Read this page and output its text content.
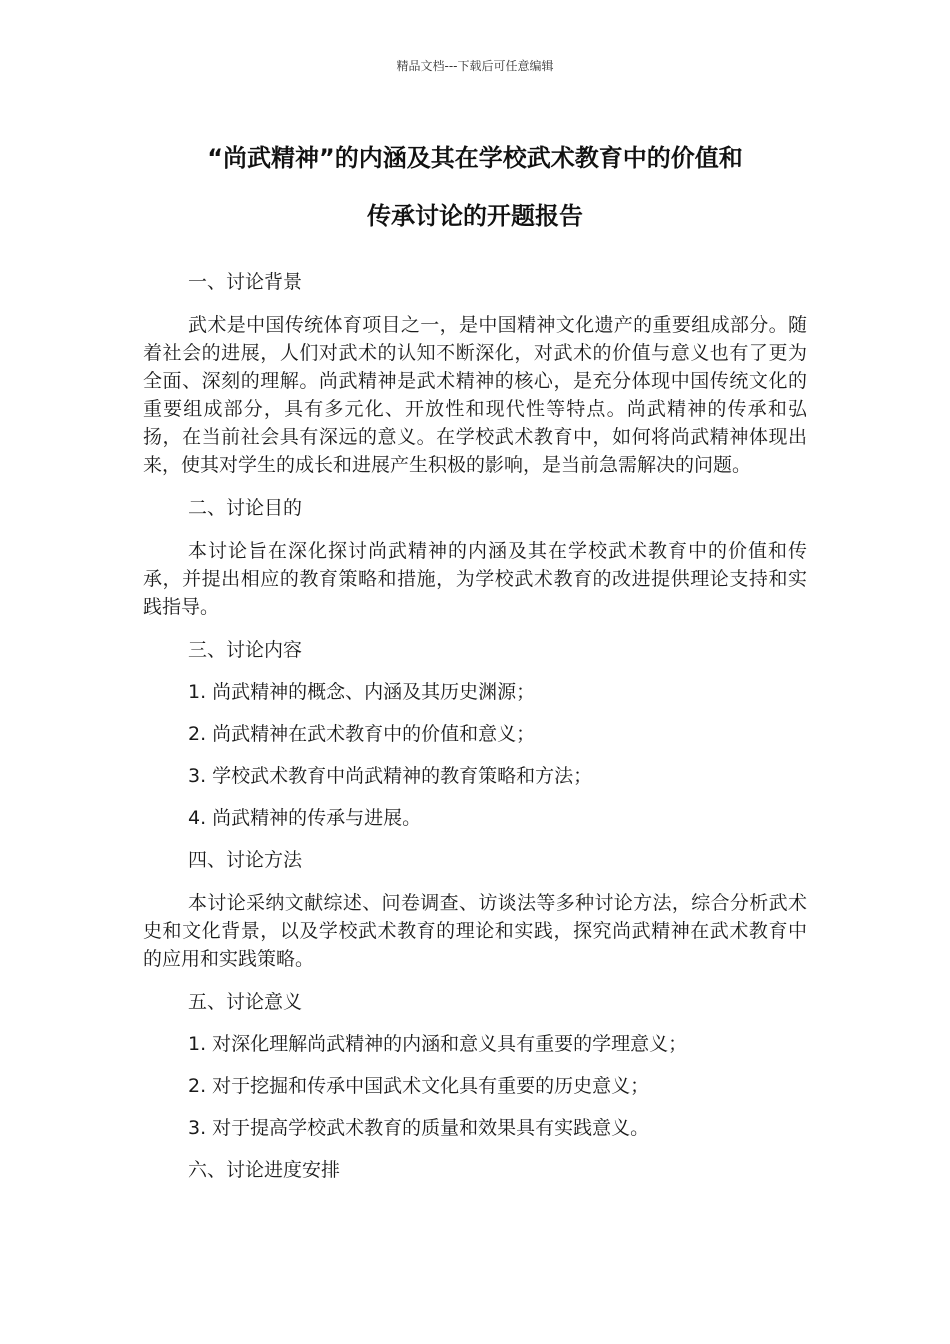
精品文档---下载后可任意编辑
“尚武精神”的内涵及其在学校武术教育中的价值和
传承讨论的开题报告

一、讨论背景

武术是中国传统体育项目之一，是中国精神文化遗产的重要组成部分。随着社会的进展，人们对武术的认知不断深化，对武术的价值与意义也有了更为全面、深刻的理解。尚武精神是武术精神的核心，是充分体现中国传统文化的重要组成部分，具有多元化、开放性和现代性等特点。尚武精神的传承和弘扬，在当前社会具有深远的意义。在学校武术教育中，如何将尚武精神体现出来，使其对学生的成长和进展产生积极的影响，是当前急需解决的问题。

二、讨论目的

本讨论旨在深化探讨尚武精神的内涵及其在学校武术教育中的价值和传承，并提出相应的教育策略和措施，为学校武术教育的改进提供理论支持和实践指导。

三、讨论内容

1. 尚武精神的概念、内涵及其历史渊源；

2. 尚武精神在武术教育中的价值和意义；

3. 学校武术教育中尚武精神的教育策略和方法；

4. 尚武精神的传承与进展。

四、讨论方法

本讨论采纳文献综述、问卷调查、访谈法等多种讨论方法，综合分析武术史和文化背景，以及学校武术教育的理论和实践，探究尚武精神在武术教育中的应用和实践策略。

五、讨论意义

1. 对深化理解尚武精神的内涵和意义具有重要的学理意义；

2. 对于挖掘和传承中国武术文化具有重要的历史意义；

3. 对于提高学校武术教育的质量和效果具有实践意义。

六、讨论进度安排
